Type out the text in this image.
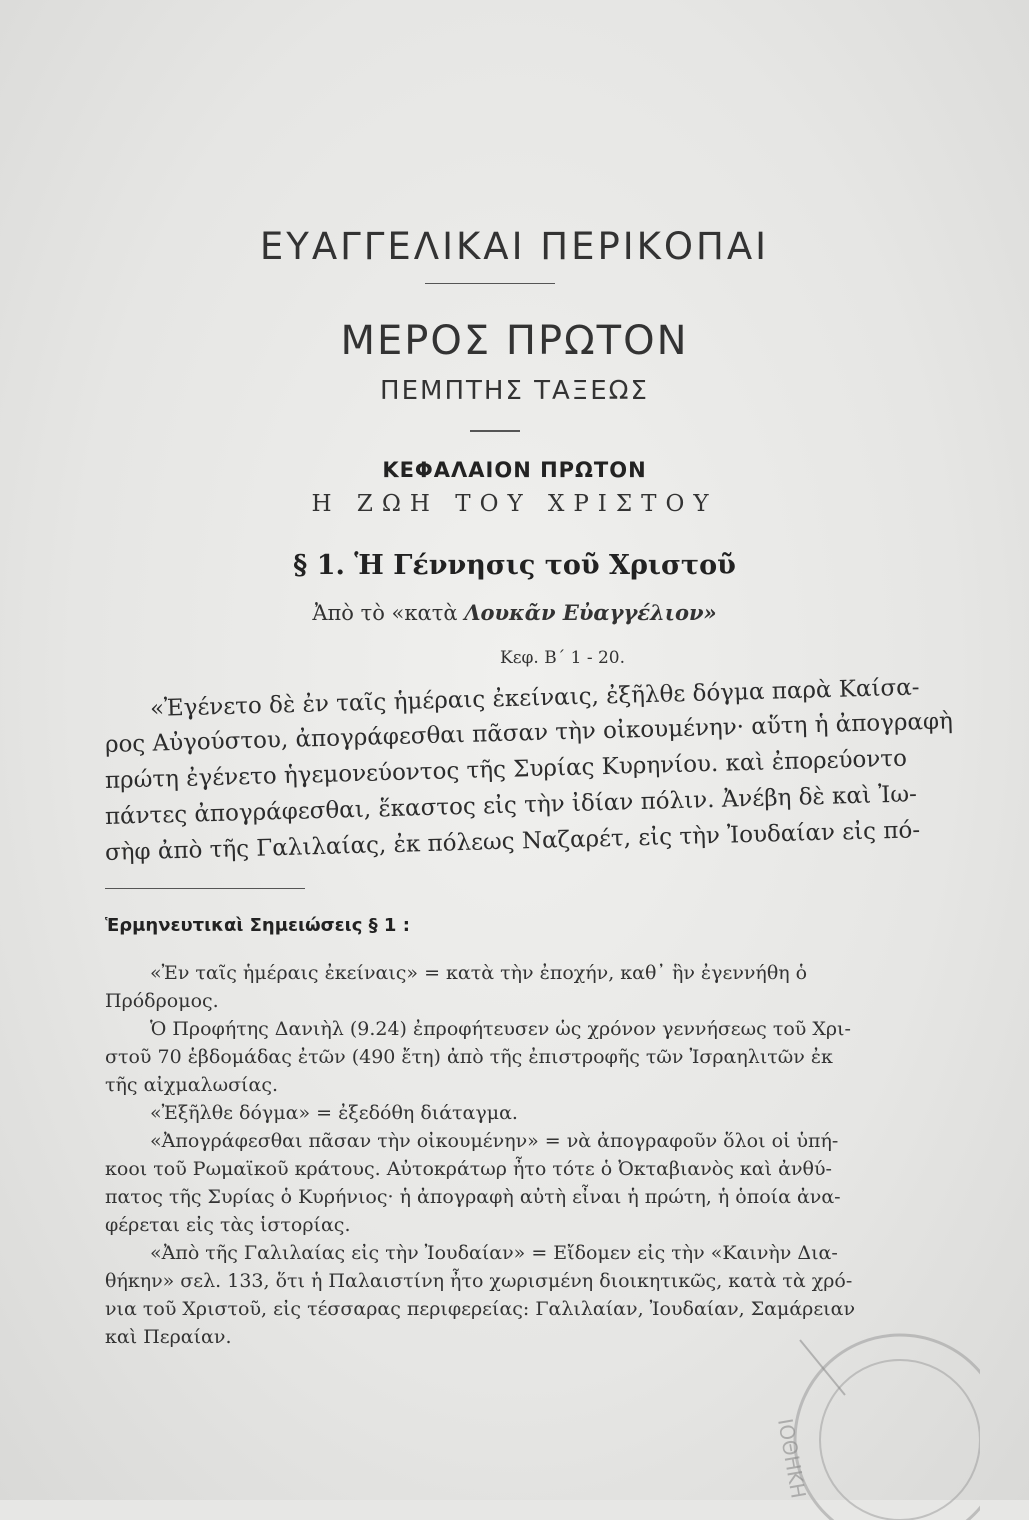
ΕΥΑΓΓΕΛΙΚΑΙ ΠΕΡΙΚΟΠΑΙ
ΜΕΡΟΣ ΠΡΩΤΟΝ
ΠΕΜΠΤΗΣ ΤΑΞΕΩΣ
ΚΕΦΑΛΑΙΟΝ ΠΡΩΤΟΝ
Η ΖΩΗ ΤΟΥ ΧΡΙΣΤΟΥ
§ 1. Ἡ Γέννησις τοῦ Χριστοῦ
Ἀπὸ τὸ «κατὰ Λουκᾶν Εὐαγγέλιον»
Κεφ. Β΄ 1 - 20.
«Ἐγένετο δὲ ἐν ταῖς ἡμέραις ἐκείναις, ἐξῆλθε δόγμα παρὰ Καίσα-
ρος Αὐγούστου, ἀπογράφεσθαι πᾶσαν τὴν οἰκουμένην· αὕτη ἡ ἀπογραφὴ
πρώτη ἐγένετο ἡγεμονεύοντος τῆς Συρίας Κυρηνίου. καὶ ἐπορεύοντο
πάντες ἀπογράφεσθαι, ἕκαστος εἰς τὴν ἰδίαν πόλιν. Ἀνέβη δὲ καὶ Ἰω-
σὴφ ἀπὸ τῆς Γαλιλαίας, ἐκ πόλεως Ναζαρέτ, εἰς τὴν Ἰουδαίαν εἰς πό-
Ἑρμηνευτικαὶ Σημειώσεις § 1 :
«Ἐν ταῖς ἡμέραις ἐκείναις» = κατὰ τὴν ἐποχήν, καθ᾽ ἣν ἐγεννήθη ὁ
Πρόδρομος.
Ὁ Προφήτης Δανιὴλ (9.24) ἐπροφήτευσεν ὡς χρόνον γεννήσεως τοῦ Χρι-
στοῦ 70 ἑβδομάδας ἐτῶν (490 ἔτη) ἀπὸ τῆς ἐπιστροφῆς τῶν Ἰσραηλιτῶν ἐκ
τῆς αἰχμαλωσίας.
«Ἐξῆλθε δόγμα» = ἐξεδόθη διάταγμα.
«Ἀπογράφεσθαι πᾶσαν τὴν οἰκουμένην» = νὰ ἀπογραφοῦν ὅλοι οἱ ὑπή-
κοοι τοῦ Ρωμαϊκοῦ κράτους. Αὐτοκράτωρ ἦτο τότε ὁ Ὀκταβιανὸς καὶ ἀνθύ-
πατος τῆς Συρίας ὁ Κυρήνιος· ἡ ἀπογραφὴ αὐτὴ εἶναι ἡ πρώτη, ἡ ὁποία ἀνα-
φέρεται εἰς τὰς ἱστορίας.
«Ἀπὸ τῆς Γαλιλαίας εἰς τὴν Ἰουδαίαν» = Εἴδομεν εἰς τὴν «Καινὴν Δια-
θήκην» σελ. 133, ὅτι ἡ Παλαιστίνη ἦτο χωρισμένη διοικητικῶς, κατὰ τὰ χρό-
νια τοῦ Χριστοῦ, εἰς τέσσαρας περιφερείας: Γαλιλαίαν, Ἰουδαίαν, Σαμάρειαν
καὶ Περαίαν.
ΙΟΘΗΚΗ
